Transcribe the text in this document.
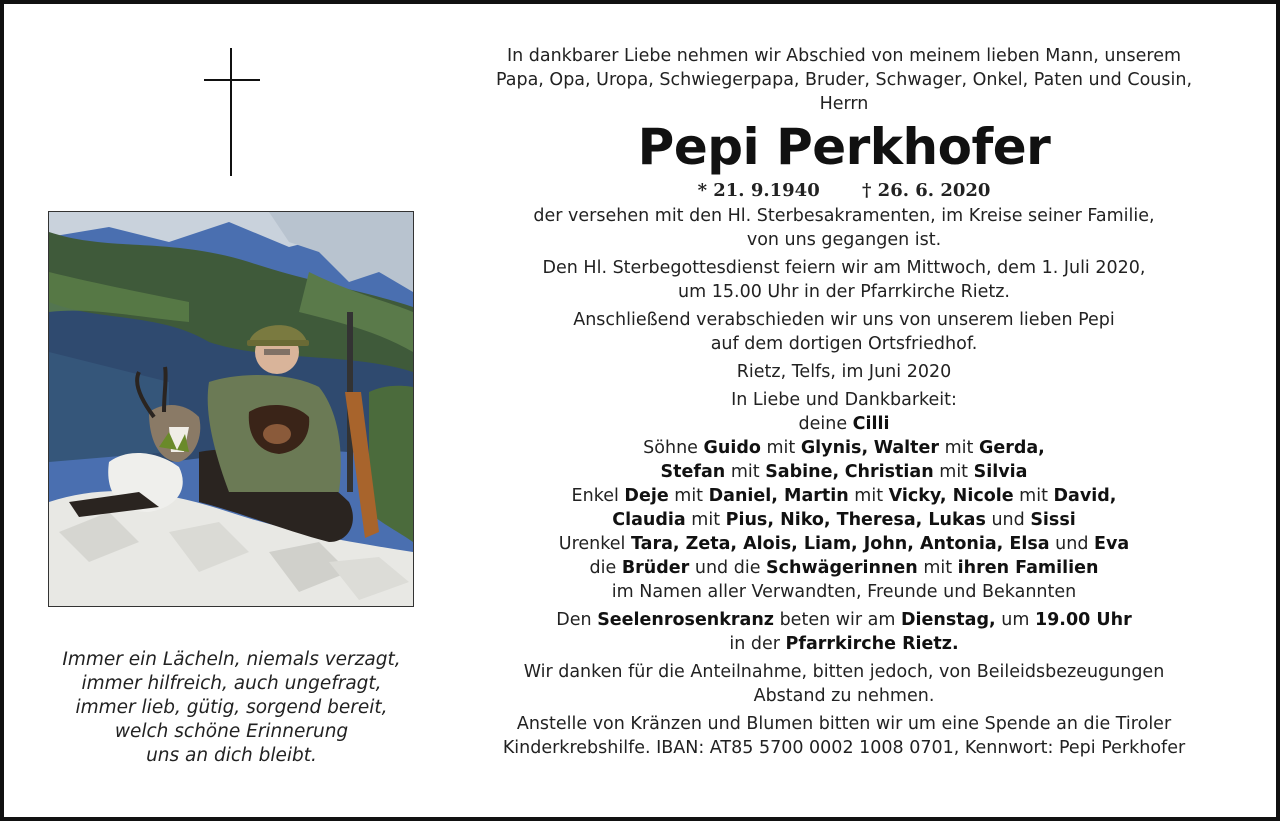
Immer ein Lächeln, niemals verzagt,
immer hilfreich, auch ungefragt,
immer lieb, gütig, sorgend bereit,
welch schöne Erinnerung
uns an dich bleibt.
In dankbarer Liebe nehmen wir Abschied von meinem lieben Mann, unserem
Papa, Opa, Uropa, Schwiegerpapa, Bruder, Schwager, Onkel, Paten und Cousin,
Herrn
Pepi Perkhofer
* 21. 9.1940 † 26. 6. 2020
der versehen mit den Hl. Sterbesakramenten, im Kreise seiner Familie,
von uns gegangen ist.
Den Hl. Sterbegottesdienst feiern wir am Mittwoch, dem 1. Juli 2020,
um 15.00 Uhr in der Pfarrkirche Rietz.
Anschließend verabschieden wir uns von unserem lieben Pepi
auf dem dortigen Ortsfriedhof.
Rietz, Telfs, im Juni 2020
In Liebe und Dankbarkeit:
deine Cilli
Söhne Guido mit Glynis, Walter mit Gerda,
Stefan mit Sabine, Christian mit Silvia
Enkel Deje mit Daniel, Martin mit Vicky, Nicole mit David,
Claudia mit Pius, Niko, Theresa, Lukas und Sissi
Urenkel Tara, Zeta, Alois, Liam, John, Antonia, Elsa und Eva
die Brüder und die Schwägerinnen mit ihren Familien
im Namen aller Verwandten, Freunde und Bekannten
Den Seelenrosenkranz beten wir am Dienstag, um 19.00 Uhr
in der Pfarrkirche Rietz.
Wir danken für die Anteilnahme, bitten jedoch, von Beileidsbezeugungen
Abstand zu nehmen.
Anstelle von Kränzen und Blumen bitten wir um eine Spende an die Tiroler
Kinderkrebshilfe. IBAN: AT85 5700 0002 1008 0701, Kennwort: Pepi Perkhofer
